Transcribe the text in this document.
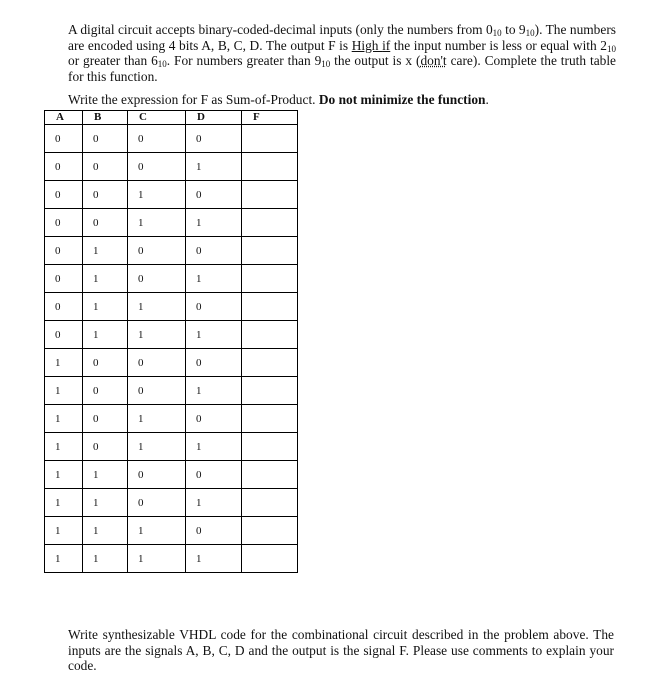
A digital circuit accepts binary-coded-decimal inputs (only the numbers from $0_{10}$ to $9_{10}$). The numbers are encoded using 4 bits A, B, C, D. The output F is High if the input number is less or equal with $2_{10}$ or greater than $6_{10}$. For numbers greater than $9_{10}$ the output is x (don't care). Complete the truth table for this function.

Write the expression for F as Sum-of-Product. Do not minimize the function.
A	B	C	D	F
0	0	0	0	
0	0	0	1	
0	0	1	0	
0	0	1	1	
0	1	0	0	
0	1	0	1	
0	1	1	0	
0	1	1	1	
1	0	0	0	
1	0	0	1	
1	0	1	0	
1	0	1	1	
1	1	0	0	
1	1	0	1	
1	1	1	0	
1	1	1	1	

Write synthesizable VHDL code for the combinational circuit described in the problem above. The inputs are the signals A, B, C, D and the output is the signal F. Please use comments to explain your code.
